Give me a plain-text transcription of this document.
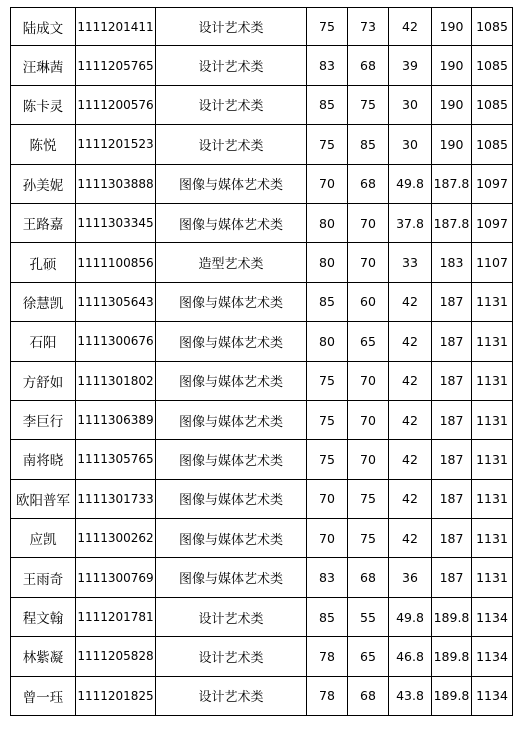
陆成文	1111201411	设计艺术类	75	73	42	190	1085
汪琳茜	1111205765	设计艺术类	83	68	39	190	1085
陈卡灵	1111200576	设计艺术类	85	75	30	190	1085
陈悦	1111201523	设计艺术类	75	85	30	190	1085
孙美妮	1111303888	图像与媒体艺术类	70	68	49.8 187.8 1097
王路嘉	1111303345	图像与媒体艺术类	80	70	37.8 187.8 1097
孔硕	1111100856	造型艺术类	80	70	33	183	1107
徐慧凯	1111305643	图像与媒体艺术类	85	60	42	187	1131
石阳	1111300676	图像与媒体艺术类	80	65	42	187	1131
方舒如	1111301802	图像与媒体艺术类	75	70	42	187	1131
李巨行	1111306389	图像与媒体艺术类	75	70	42	187	1131
南将晓	1111305765	图像与媒体艺术类	75	70	42	187	1131
欧阳普军 1111301733	图像与媒体艺术类	70	75	42	187	1131
应凯	1111300262	图像与媒体艺术类	70	75	42	187	1131
王雨奇	1111300769	图像与媒体艺术类	83	68	36	187	1131
程文翰	1111201781	设计艺术类	85	55	49.8 189.8 1134
林紫凝	1111205828	设计艺术类	78	65	46.8 189.8 1134
曾一珏	1111201825	设计艺术类	78	68	43.8 189.8 1134
